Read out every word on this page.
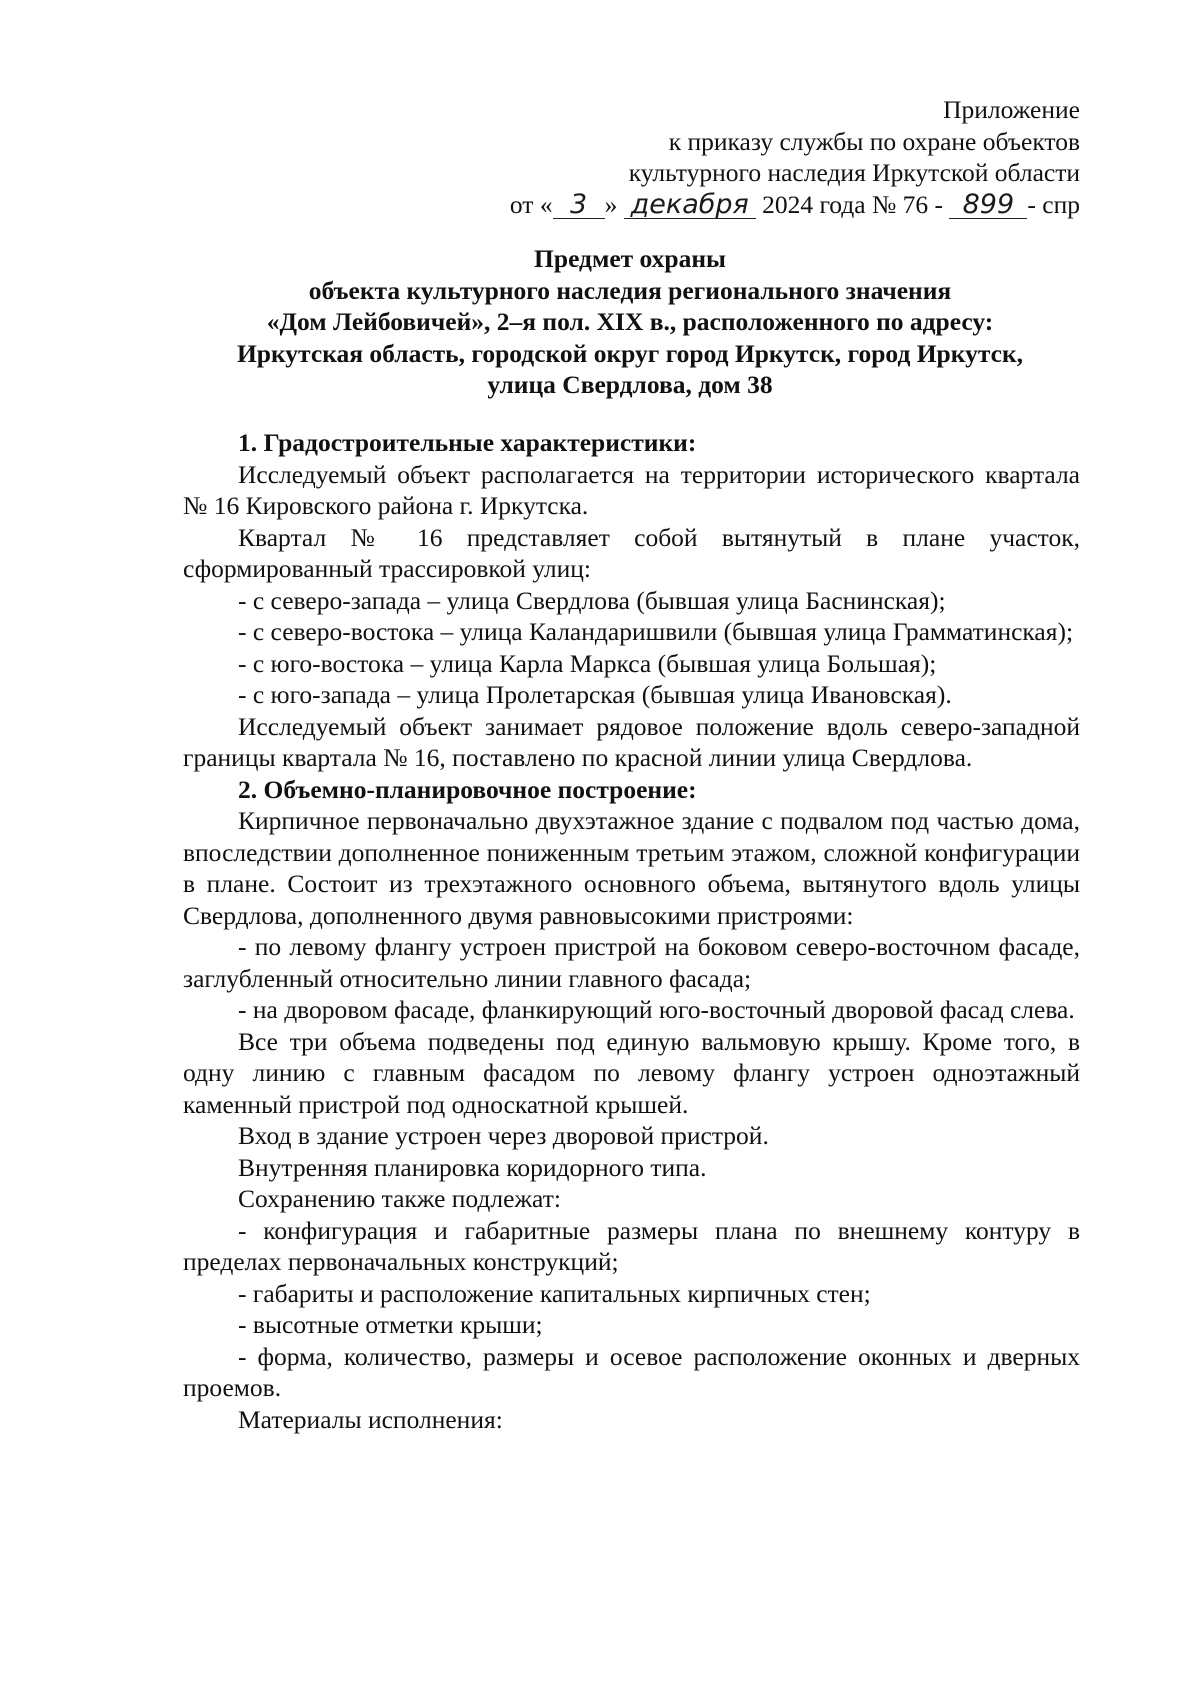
Приложение
к приказу службы по охране объектов
культурного наследия Иркутской области
от « 3 » декабря 2024 года № 76 - 899 - спр
Предмет охраны
объекта культурного наследия регионального значения
«Дом Лейбовичей», 2–я пол. XIX в., расположенного по адресу:
Иркутская область, городской округ город Иркутск, город Иркутск,
улица Свердлова, дом 38

1. Градостроительные характеристики:

Исследуемый объект располагается на территории исторического квартала № 16 Кировского района г. Иркутска.

Квартал № 16 представляет собой вытянутый в плане участок, сформированный трассировкой улиц:

- с северо-запада – улица Свердлова (бывшая улица Баснинская);

- с северо-востока – улица Каландаришвили (бывшая улица Грамматинская);

- с юго-востока – улица Карла Маркса (бывшая улица Большая);

- с юго-запада – улица Пролетарская (бывшая улица Ивановская).

Исследуемый объект занимает рядовое положение вдоль северо-западной границы квартала № 16, поставлено по красной линии улица Свердлова.

2. Объемно-планировочное построение:

Кирпичное первоначально двухэтажное здание с подвалом под частью дома, впоследствии дополненное пониженным третьим этажом, сложной конфигурации в плане. Состоит из трехэтажного основного объема, вытянутого вдоль улицы Свердлова, дополненного двумя равновысокими пристроями:

- по левому флангу устроен пристрой на боковом северо-восточном фасаде, заглубленный относительно линии главного фасада;

- на дворовом фасаде, фланкирующий юго-восточный дворовой фасад слева.

Все три объема подведены под единую вальмовую крышу. Кроме того, в одну линию с главным фасадом по левому флангу устроен одноэтажный каменный пристрой под односкатной крышей.

Вход в здание устроен через дворовой пристрой.

Внутренняя планировка коридорного типа.

Сохранению также подлежат:

- конфигурация и габаритные размеры плана по внешнему контуру в пределах первоначальных конструкций;

- габариты и расположение капитальных кирпичных стен;

- высотные отметки крыши;

- форма, количество, размеры и осевое расположение оконных и дверных проемов.

Материалы исполнения:
